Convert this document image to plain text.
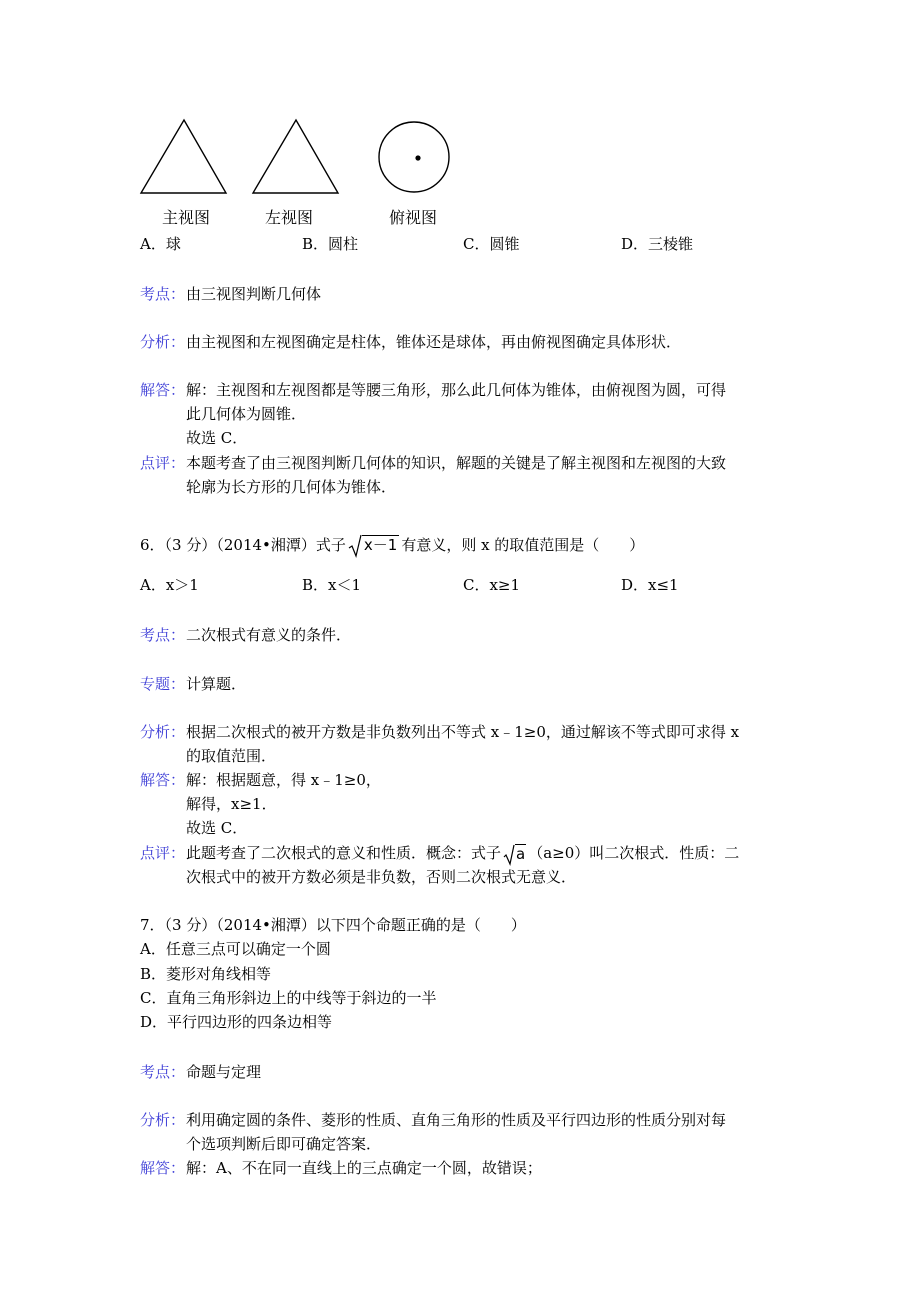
主视图	左视图	俯视图
A．球	B．圆柱	C．圆锥	D．三棱锥
考点： 由三视图判断几何体
分析： 由主视图和左视图确定是柱体，锥体还是球体，再由俯视图确定具体形状．
解答： 解：主视图和左视图都是等腰三角形，那么此几何体为锥体，由俯视图为圆，可得
此几何体为圆锥．
故选 C．
点评： 本题考查了由三视图判断几何体的知识，解题的关键是了解主视图和左视图的大致
轮廓为长方形的几何体为锥体．
6．（3 分）（2014•湘潭）式子 x－1 有意义，则 x 的取值范围是（　　）
A．x＞1	B．x＜1	C．x≥1	D．x≤1
考点： 二次根式有意义的条件．
专题： 计算题．
分析： 根据二次根式的被开方数是非负数列出不等式 x﹣1≥0，通过解该不等式即可求得 x
的取值范围．
解答： 解：根据题意，得 x﹣1≥0，
解得，x≥1．
故选 C．
点评： 此题考查了二次根式的意义和性质．概念：式子 a （a≥0）叫二次根式．性质：二
次根式中的被开方数必须是非负数，否则二次根式无意义．
7．（3 分）（2014•湘潭）以下四个命题正确的是（　　）
A．任意三点可以确定一个圆
B．菱形对角线相等
C．直角三角形斜边上的中线等于斜边的一半
D．平行四边形的四条边相等
考点： 命题与定理
分析： 利用确定圆的条件、菱形的性质、直角三角形的性质及平行四边形的性质分别对每
个选项判断后即可确定答案．
解答： 解：A、不在同一直线上的三点确定一个圆，故错误；
